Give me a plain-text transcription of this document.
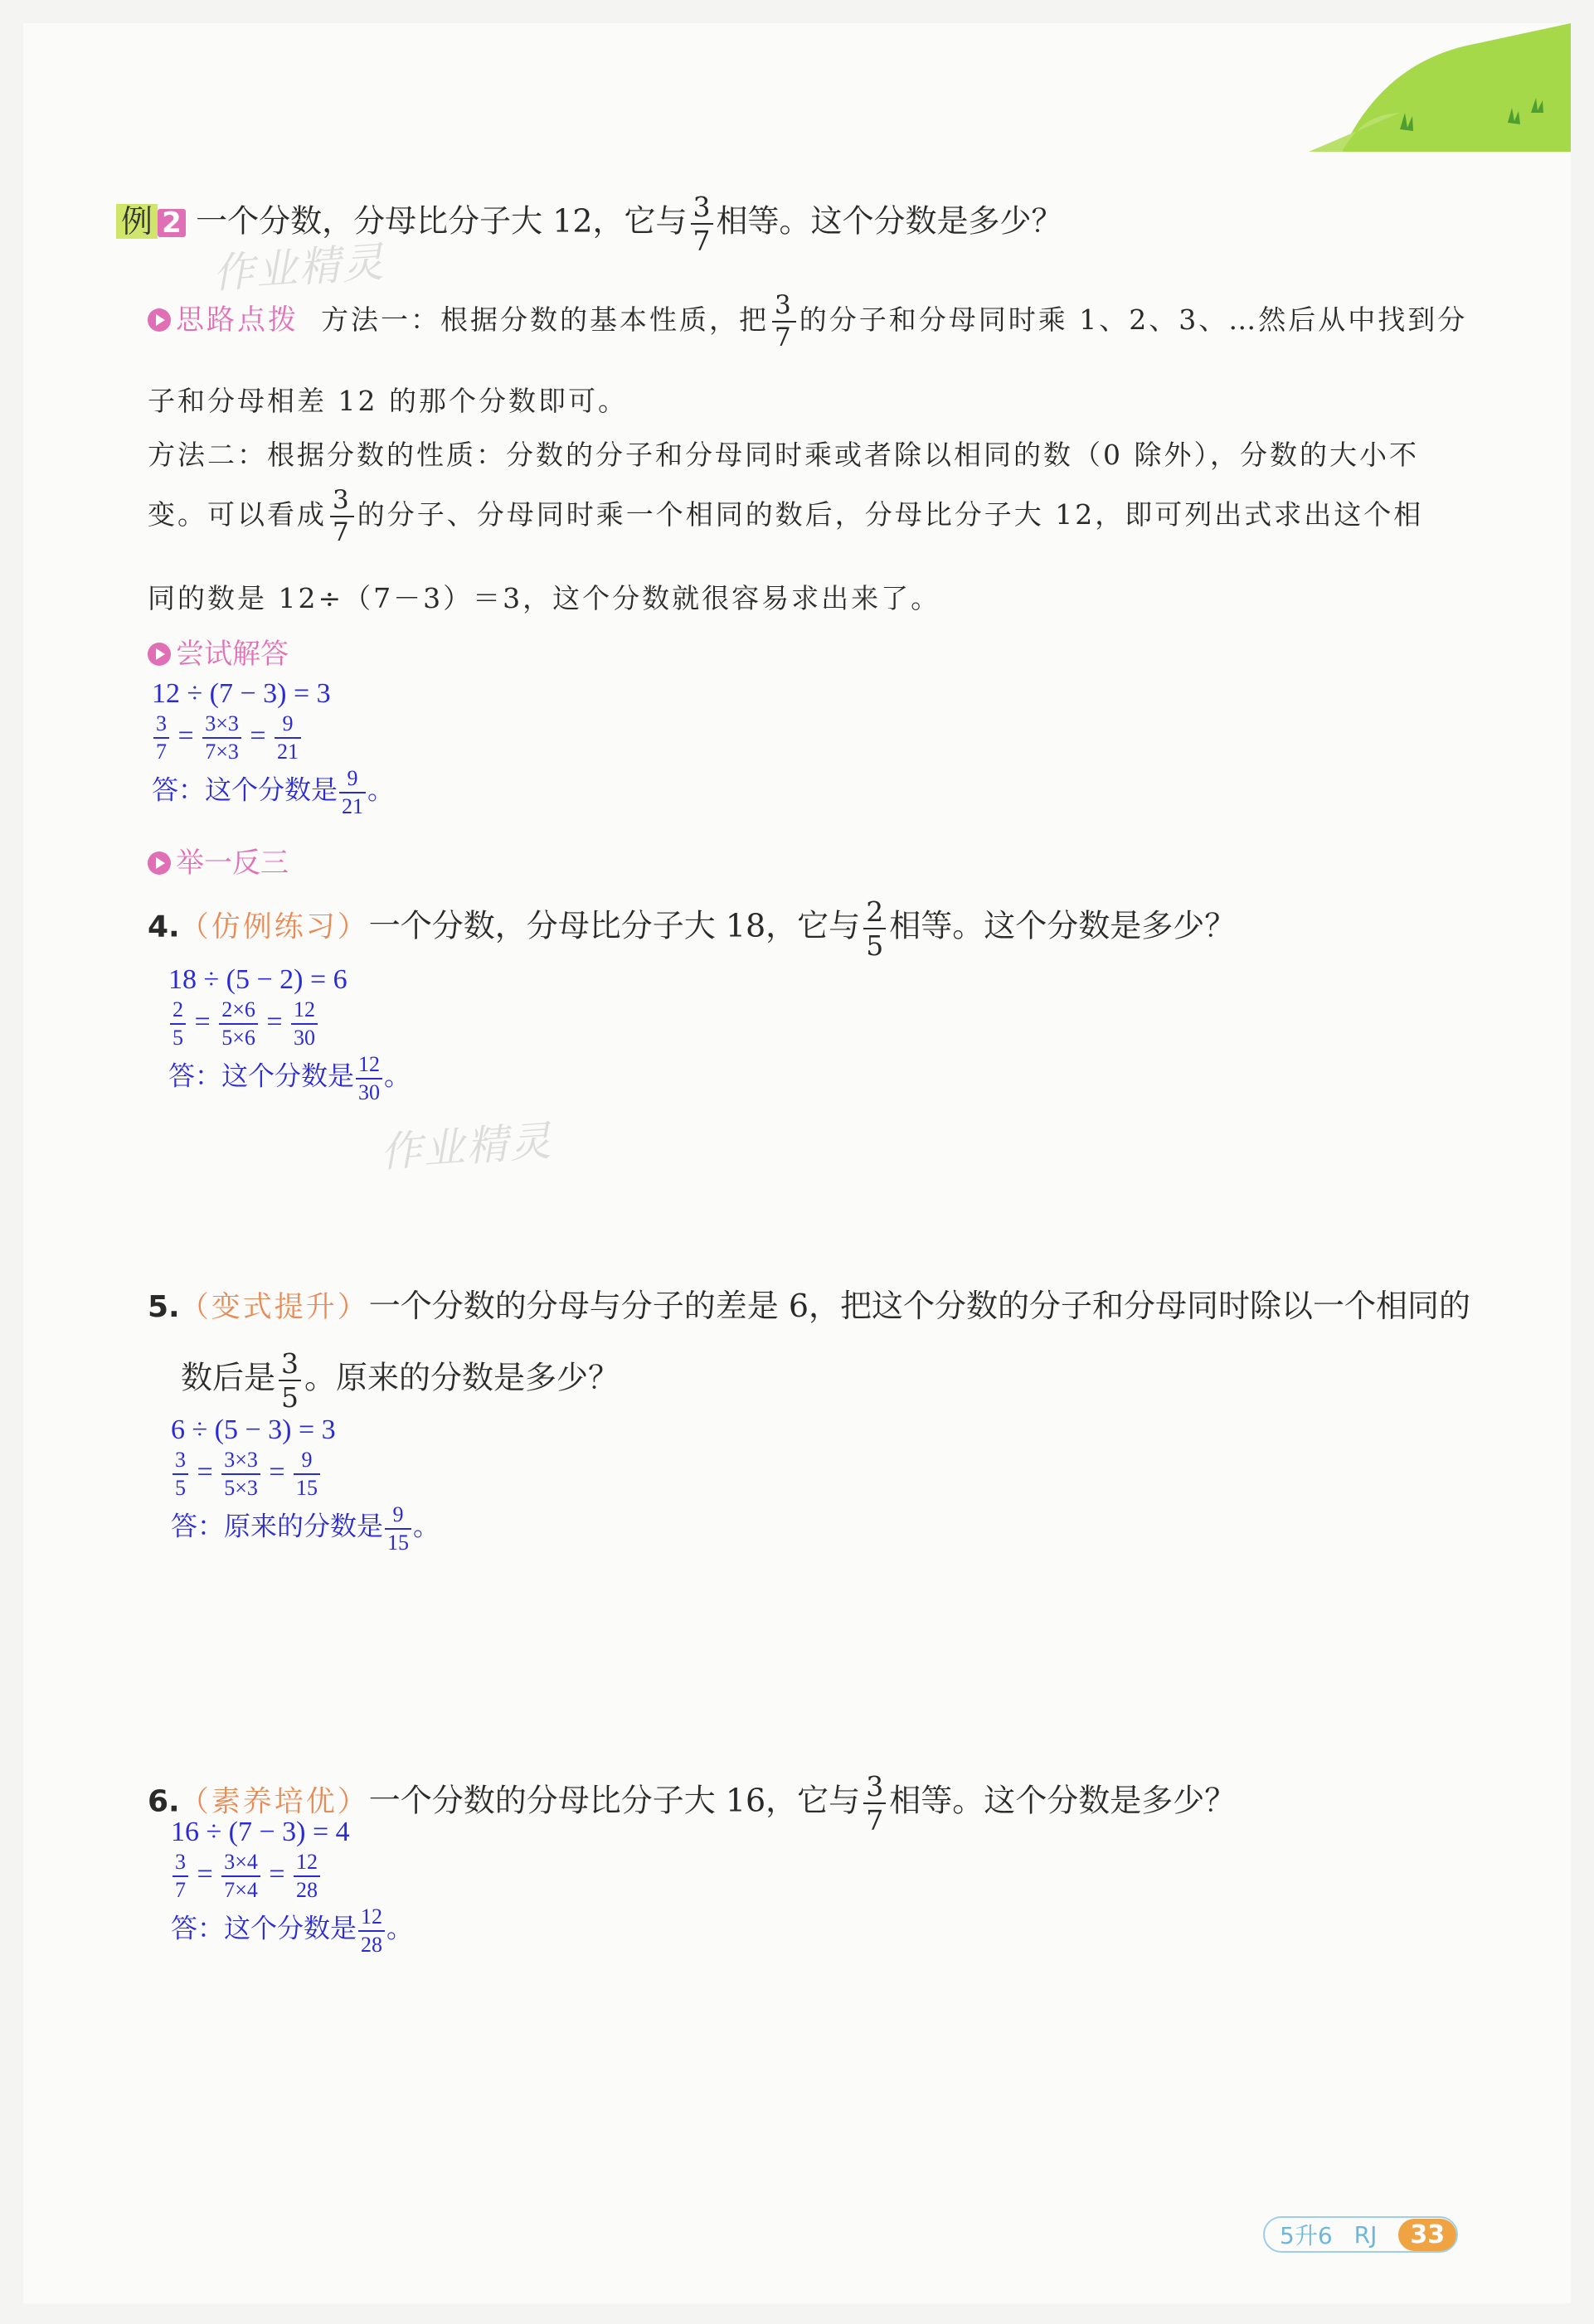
例 2 一个分数，分母比分子大 12，它与 $\frac{3}{7}$ 相等。这个分数是多少？
作业精灵
思路点拨 方法一：根据分数的基本性质，把 $\frac{3}{7}$ 的分子和分母同时乘 1、2、3、…然后从中找到分
子和分母相差 12 的那个分数即可。
方法二：根据分数的性质：分数的分子和分母同时乘或者除以相同的数（0 除外），分数的大小不
变。可以看成 $\frac{3}{7}$ 的分子、分母同时乘一个相同的数后，分母比分子大 12，即可列出式求出这个相
同的数是 12÷（7－3）＝3，这个分数就很容易求出来了。
尝试解答
12 ÷ (7 − 3) = 3
$\frac{3}{7} = \frac{3\times 3}{7\times 3} = \frac{9}{21}$
答：这个分数是 $\frac{9}{21}$ 。
举一反三
4.（仿例练习）一个分数，分母比分子大 18，它与 $\frac{2}{5}$ 相等。这个分数是多少？
18 ÷ (5 − 2) = 6
$\frac{2}{5} = \frac{2\times 6}{5\times 6} = \frac{12}{30}$
答：这个分数是 $\frac{12}{30}$ 。
作业精灵
5.（变式提升）一个分数的分母与分子的差是 6，把这个分数的分子和分母同时除以一个相同的
数后是 $\frac{3}{5}$ 。原来的分数是多少？
6 ÷ (5 − 3) = 3
$\frac{3}{5} = \frac{3\times 3}{5\times 3} = \frac{9}{15}$
答：原来的分数是 $\frac{9}{15}$ 。
6.（素养培优）一个分数的分母比分子大 16，它与 $\frac{3}{7}$ 相等。这个分数是多少？
16 ÷ (7 − 3) = 4
$\frac{3}{7} = \frac{3\times 4}{7\times 4} = \frac{12}{28}$
答：这个分数是 $\frac{12}{28}$ 。
5升6 RJ	33
